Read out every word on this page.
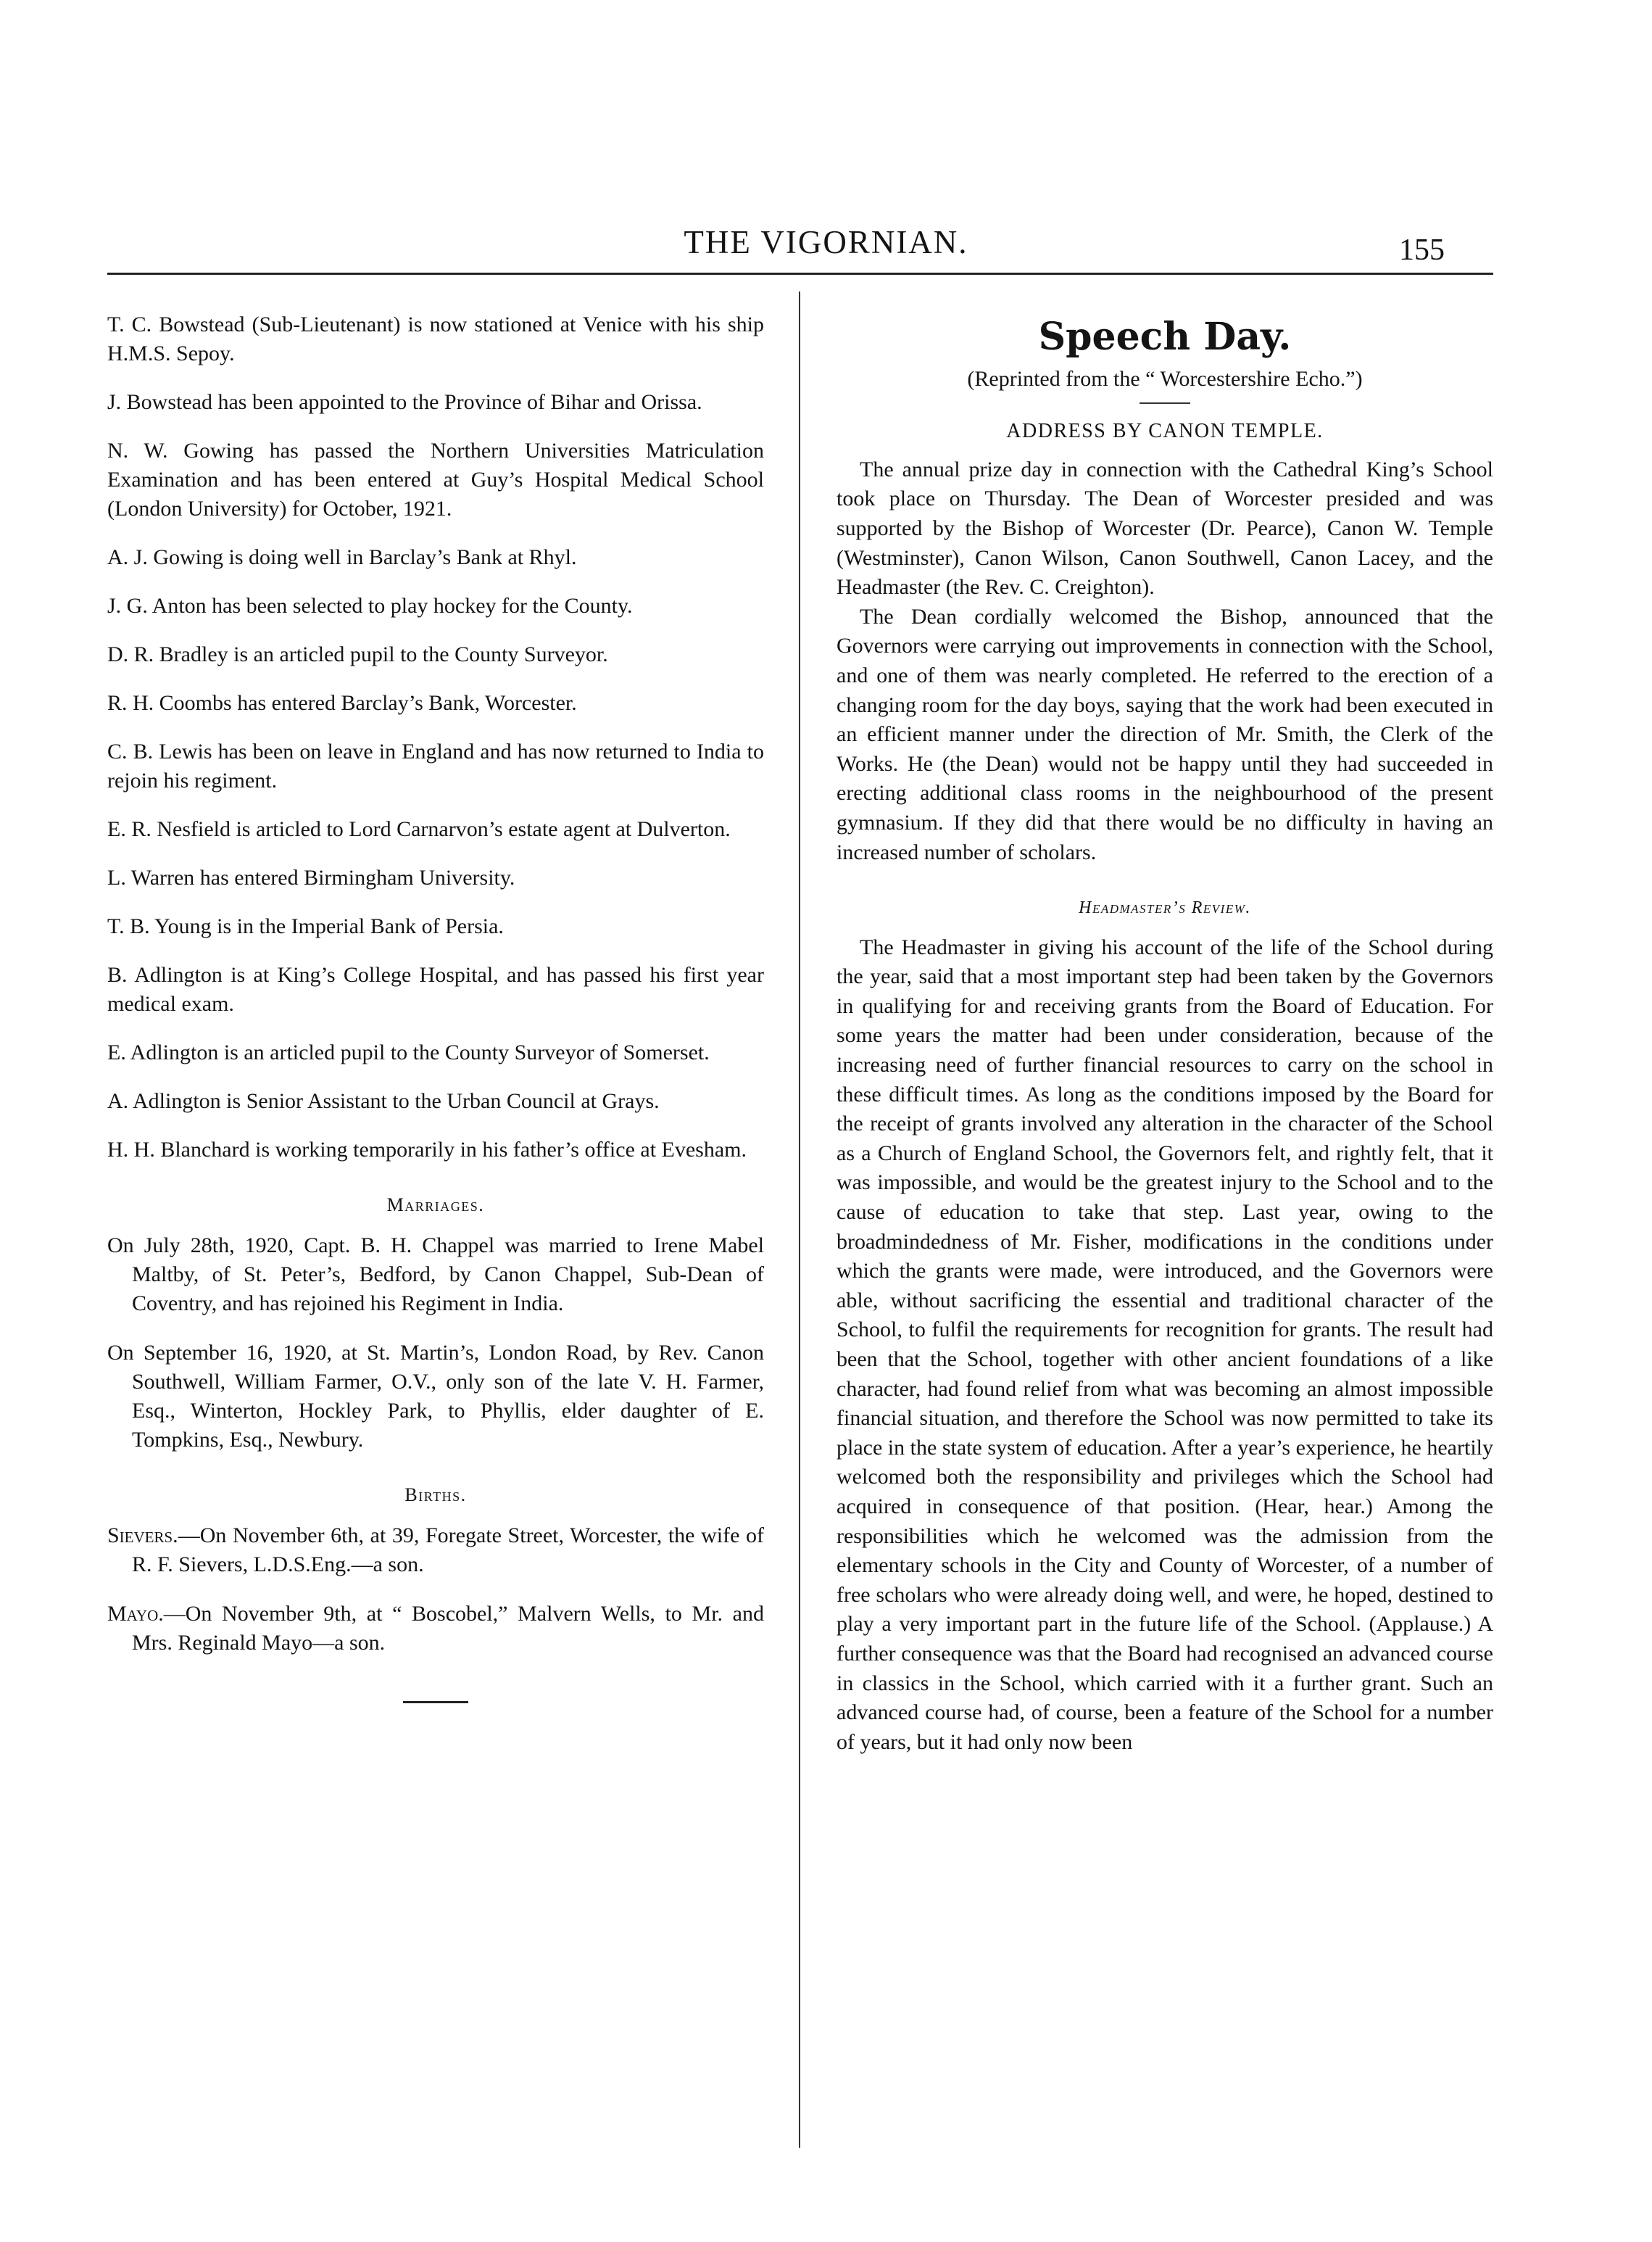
THE VIGORNIAN.	155

T. C. Bowstead (Sub-Lieutenant) is now stationed at Venice with his ship H.M.S. Sepoy.

J. Bowstead has been appointed to the Province of Bihar and Orissa.

N. W. Gowing has passed the Northern Universities Matriculation Examination and has been entered at Guy’s Hospital Medical School (London University) for October, 1921.

A. J. Gowing is doing well in Barclay’s Bank at Rhyl.

J. G. Anton has been selected to play hockey for the County.

D. R. Bradley is an articled pupil to the County Surveyor.

R. H. Coombs has entered Barclay’s Bank, Worcester.

C. B. Lewis has been on leave in England and has now returned to India to rejoin his regiment.

E. R. Nesfield is articled to Lord Carnarvon’s estate agent at Dulverton.

L. Warren has entered Birmingham University.

T. B. Young is in the Imperial Bank of Persia.

B. Adlington is at King’s College Hospital, and has passed his first year medical exam.

E. Adlington is an articled pupil to the County Surveyor of Somerset.

A. Adlington is Senior Assistant to the Urban Council at Grays.

H. H. Blanchard is working temporarily in his father’s office at Evesham.

Marriages.

On July 28th, 1920, Capt. B. H. Chappel was married to Irene Mabel Maltby, of St. Peter’s, Bedford, by Canon Chappel, Sub-Dean of Coventry, and has rejoined his Regiment in India.

On September 16, 1920, at St. Martin’s, London Road, by Rev. Canon Southwell, William Farmer, O.V., only son of the late V. H. Farmer, Esq., Winterton, Hockley Park, to Phyllis, elder daughter of E. Tompkins, Esq., Newbury.

Births.

Sievers.—On November 6th, at 39, Foregate Street, Worcester, the wife of R. F. Sievers, L.D.S.Eng.—a son.

Mayo.—On November 9th, at “ Boscobel,” Malvern Wells, to Mr. and Mrs. Reginald Mayo—a son.

Speech Day.
(Reprinted from the “ Worcestershire Echo.”)
ADDRESS BY CANON TEMPLE.

The annual prize day in connection with the Cathedral King’s School took place on Thursday. The Dean of Worcester presided and was supported by the Bishop of Worcester (Dr. Pearce), Canon W. Temple (Westminster), Canon Wilson, Canon Southwell, Canon Lacey, and the Headmaster (the Rev. C. Creighton).

The Dean cordially welcomed the Bishop, announced that the Governors were carrying out improvements in connection with the School, and one of them was nearly completed. He referred to the erection of a changing room for the day boys, saying that the work had been executed in an efficient manner under the direction of Mr. Smith, the Clerk of the Works. He (the Dean) would not be happy until they had succeeded in erecting additional class rooms in the neighbourhood of the present gymnasium. If they did that there would be no difficulty in having an increased number of scholars.

Headmaster’s Review.

The Headmaster in giving his account of the life of the School during the year, said that a most important step had been taken by the Governors in qualifying for and receiving grants from the Board of Education. For some years the matter had been under consideration, because of the increasing need of further financial resources to carry on the school in these difficult times. As long as the conditions imposed by the Board for the receipt of grants involved any alteration in the character of the School as a Church of England School, the Governors felt, and rightly felt, that it was impossible, and would be the greatest injury to the School and to the cause of education to take that step. Last year, owing to the broadmindedness of Mr. Fisher, modifications in the conditions under which the grants were made, were introduced, and the Governors were able, without sacrificing the essential and traditional character of the School, to fulfil the requirements for recognition for grants. The result had been that the School, together with other ancient foundations of a like character, had found relief from what was becoming an almost impossible financial situation, and therefore the School was now permitted to take its place in the state system of education. After a year’s experience, he heartily welcomed both the responsibility and privileges which the School had acquired in consequence of that position. (Hear, hear.) Among the responsibilities which he welcomed was the admission from the elementary schools in the City and County of Worcester, of a number of free scholars who were already doing well, and were, he hoped, destined to play a very important part in the future life of the School. (Applause.) A further consequence was that the Board had recognised an advanced course in classics in the School, which carried with it a further grant. Such an advanced course had, of course, been a feature of the School for a number of years, but it had only now been
